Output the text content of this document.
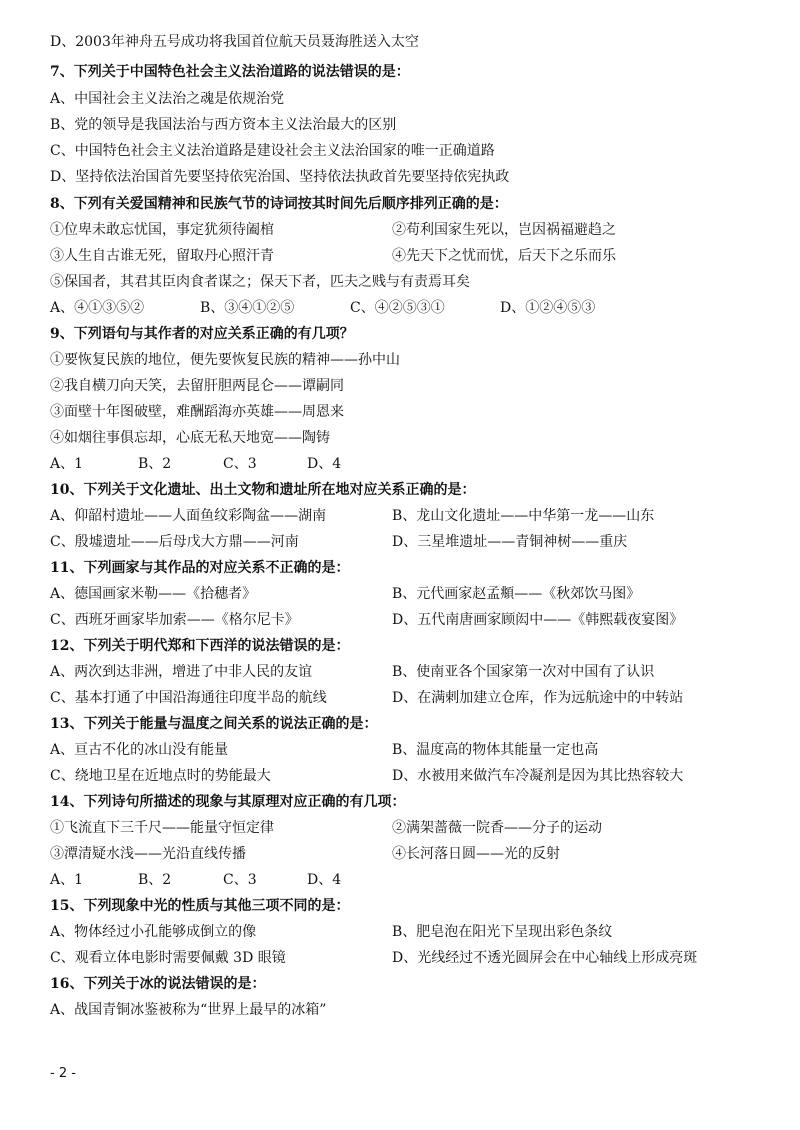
D、2003年神舟五号成功将我国首位航天员聂海胜送入太空
7、下列关于中国特色社会主义法治道路的说法错误的是：
A、中国社会主义法治之魂是依规治党
B、党的领导是我国法治与西方资本主义法治最大的区别
C、中国特色社会主义法治道路是建设社会主义法治国家的唯一正确道路
D、坚持依法治国首先要坚持依宪治国、坚持依法执政首先要坚持依宪执政
8、下列有关爱国精神和民族气节的诗词按其时间先后顺序排列正确的是：
①位卑未敢忘忧国，事定犹须待阖棺	②苟利国家生死以，岂因祸福避趋之
③人生自古谁无死，留取丹心照汗青	④先天下之忧而忧，后天下之乐而乐
⑤保国者，其君其臣肉食者谋之；保天下者，匹夫之贱与有责焉耳矣
A、④①③⑤②	B、③④①②⑤	C、④②⑤③①	D、①②④⑤③
9、下列语句与其作者的对应关系正确的有几项？
①要恢复民族的地位，便先要恢复民族的精神——孙中山
②我自横刀向天笑，去留肝胆两昆仑——谭嗣同
③面壁十年图破壁，难酬蹈海亦英雄——周恩来
④如烟往事俱忘却，心底无私天地宽——陶铸
A、1	B、2	C、3	D、4
10、下列关于文化遗址、出土文物和遗址所在地对应关系正确的是：
A、仰韶村遗址——人面鱼纹彩陶盆——湖南	B、龙山文化遗址——中华第一龙——山东
C、殷墟遗址——后母戊大方鼎——河南	D、三星堆遗址——青铜神树——重庆
11、下列画家与其作品的对应关系不正确的是：
A、德国画家米勒——《拾穗者》	B、元代画家赵孟頫——《秋郊饮马图》
C、西班牙画家毕加索——《格尔尼卡》	D、五代南唐画家顾闳中——《韩熙载夜宴图》
12、下列关于明代郑和下西洋的说法错误的是：
A、两次到达非洲，增进了中非人民的友谊	B、使南亚各个国家第一次对中国有了认识
C、基本打通了中国沿海通往印度半岛的航线	D、在满剌加建立仓库，作为远航途中的中转站
13、下列关于能量与温度之间关系的说法正确的是：
A、亘古不化的冰山没有能量	B、温度高的物体其能量一定也高
C、绕地卫星在近地点时的势能最大	D、水被用来做汽车冷凝剂是因为其比热容较大
14、下列诗句所描述的现象与其原理对应正确的有几项：
①飞流直下三千尺——能量守恒定律	②满架蔷薇一院香——分子的运动
③潭清疑水浅——光沿直线传播	④长河落日圆——光的反射
A、1	B、2	C、3	D、4
15、下列现象中光的性质与其他三项不同的是：
A、物体经过小孔能够成倒立的像	B、肥皂泡在阳光下呈现出彩色条纹
C、观看立体电影时需要佩戴 3D 眼镜	D、光线经过不透光圆屏会在中心轴线上形成亮斑
16、下列关于冰的说法错误的是：
A、战国青铜冰鉴被称为“世界上最早的冰箱”
- 2 -
